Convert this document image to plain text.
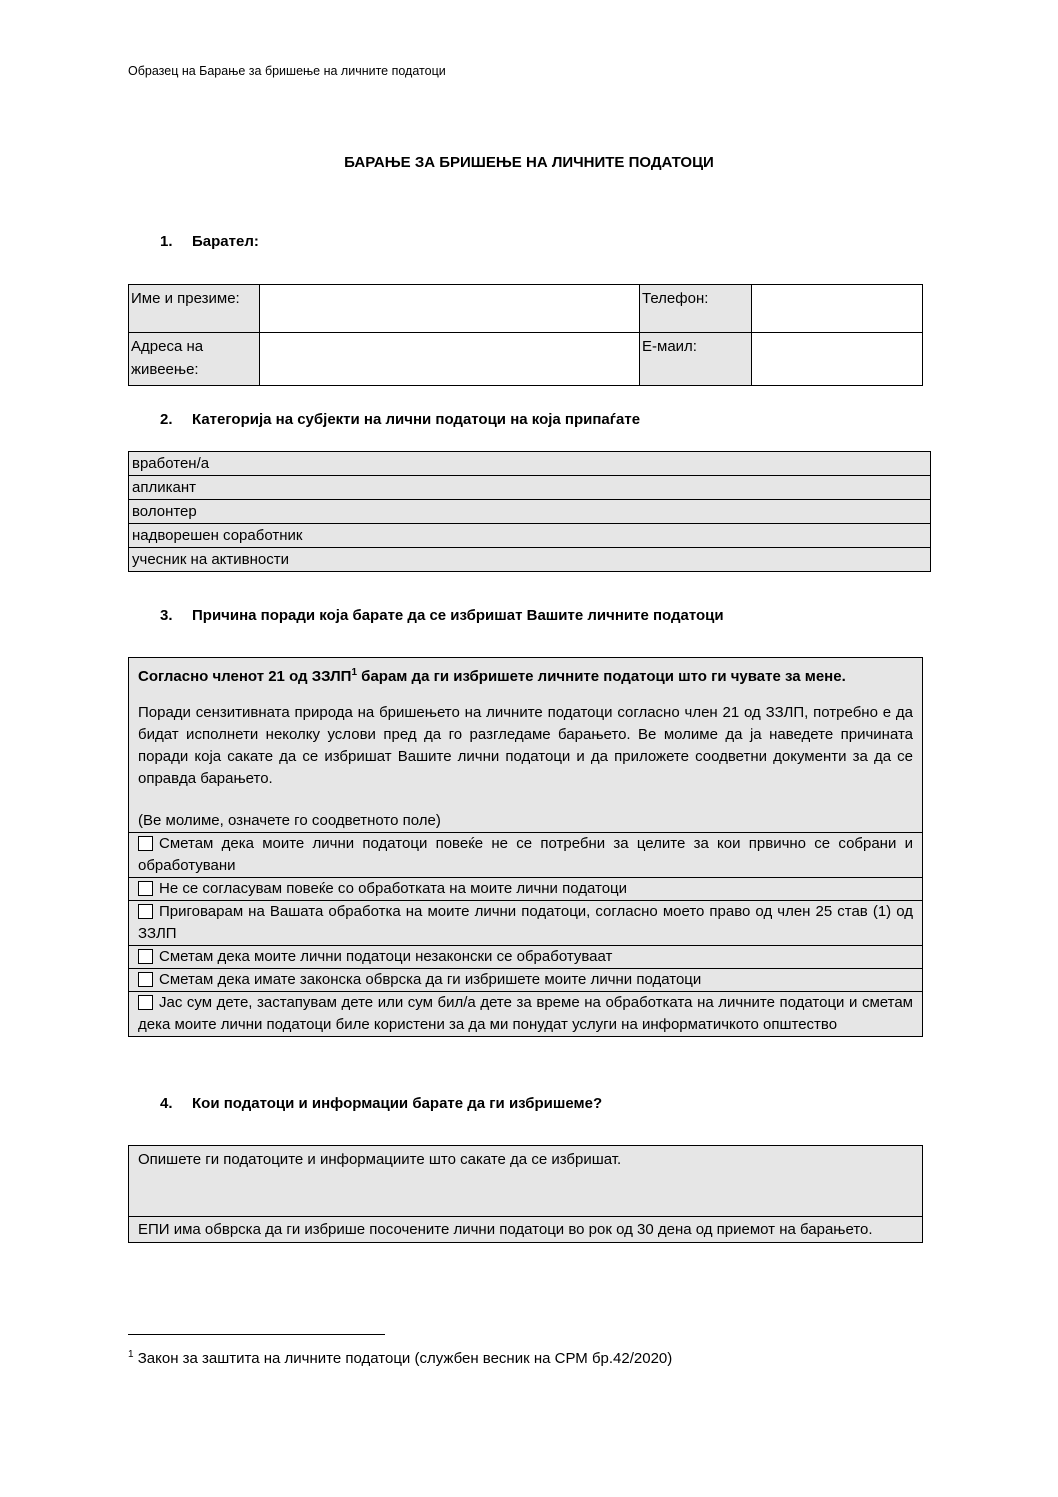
Образец на Барање за бришење на личните податоци
БАРАЊЕ ЗА БРИШЕЊЕ НА ЛИЧНИТЕ ПОДАТОЦИ
1. Барател:
Име и презиме:		Телефон:	
Адреса на живеење:		Е-маил:	
2. Категорија на субјекти на лични податоци на која припаѓате
вработен/а
апликант
волонтер
надворешен соработник
учесник на активности
3. Причина поради која барате да се избришат Вашите личните податоци
Согласно членот 21 од ЗЗЛП$^1$ барам да ги избришете личните податоци што ги чувате за мене.
Поради сензитивната природа на бришењето на личните податоци согласно член 21 од ЗЗЛП, потребно е да бидат исполнети неколку услови пред да го разгледаме барањето. Ве молиме да ја наведете причината поради која сакате да се избришат Вашите лични податоци и да приложете соодветни документи за да се оправда барањето.
(Ве молиме, означете го соодветното поле)
Сметам дека моите лични податоци повеќе не се потребни за целите за кои првично се собрани и обработувани
Не се согласувам повеќе со обработката на моите лични податоци
Приговарам на Вашата обработка на моите лични податоци, согласно моето право од член 25 став (1) од ЗЗЛП
Сметам дека моите лични податоци незаконски се обработуваат
Сметам дека имате законска обврска да ги избришете моите лични податоци
Јас сум дете, застапувам дете или сум бил/а дете за време на обработката на личните податоци и сметам дека моите лични податоци биле користени за да ми понудат услуги на информатичкото општество
4. Кои податоци и информации барате да ги избришеме?
Опишете ги податоците и информациите што сакате да се избришат.
ЕПИ има обврска да ги избрише посочените лични податоци во рок од 30 дена од приемот на барањето.
$^1$ Закон за заштита на личните податоци (службен весник на СРМ бр.42/2020)
